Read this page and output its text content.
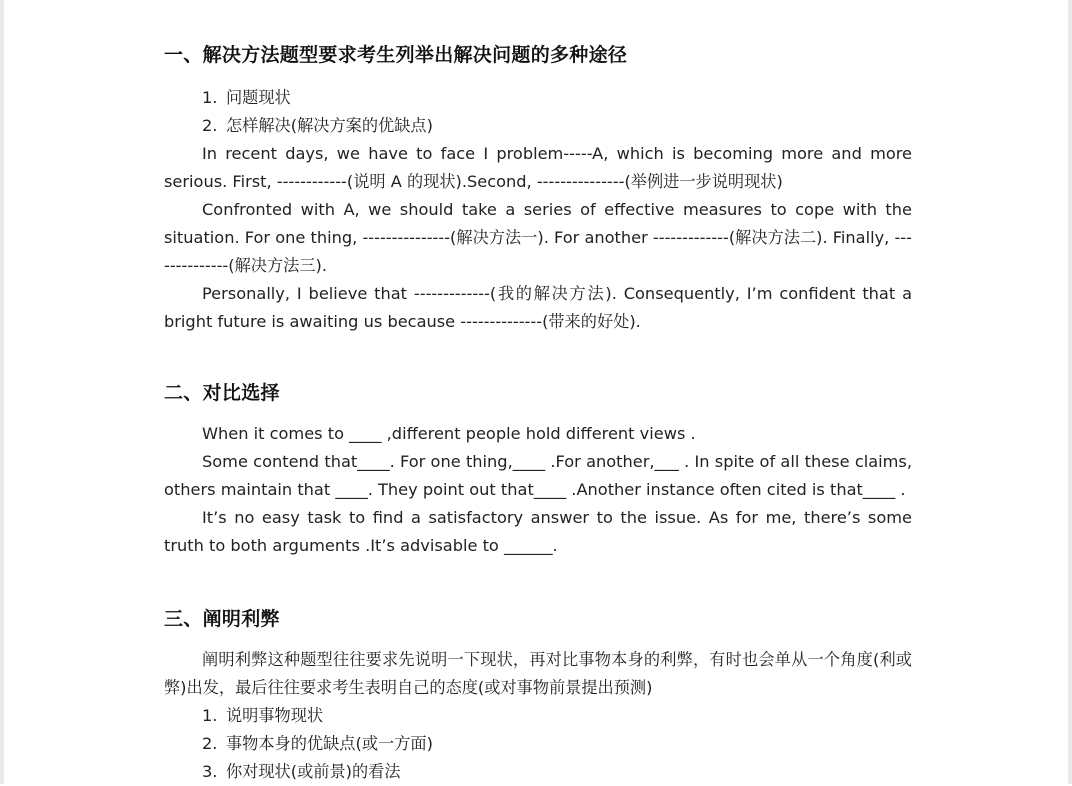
一、解决方法题型要求考生列举出解决问题的多种途径
1. 问题现状
2. 怎样解决(解决方案的优缺点)

In recent days, we have to face I problem-----A, which is becoming more and more serious. First, ------------(说明 A 的现状).Second, ---------------(举例进一步说明现状)

Confronted with A, we should take a series of effective measures to cope with the situation. For one thing, ---------------(解决方法一). For another -------------(解决方法二). Finally, --------------(解决方法三).

Personally, I believe that -------------(我的解决方法). Consequently, I’m confident that a bright future is awaiting us because --------------(带来的好处).

二、对比选择

When it comes to ____ ,different people hold different views .

Some contend that____. For one thing,____ .For another,___ . In spite of all these claims, others maintain that ____. They point out that____ .Another instance often cited is that____ .

It’s no easy task to find a satisfactory answer to the issue. As for me, there’s some truth to both arguments .It’s advisable to ______.

三、阐明利弊

阐明利弊这种题型往往要求先说明一下现状，再对比事物本身的利弊，有时也会单从一个角度(利或弊)出发，最后往往要求考生表明自己的态度(或对事物前景提出预测)

1. 说明事物现状
2. 事物本身的优缺点(或一方面)
3. 你对现状(或前景)的看法
